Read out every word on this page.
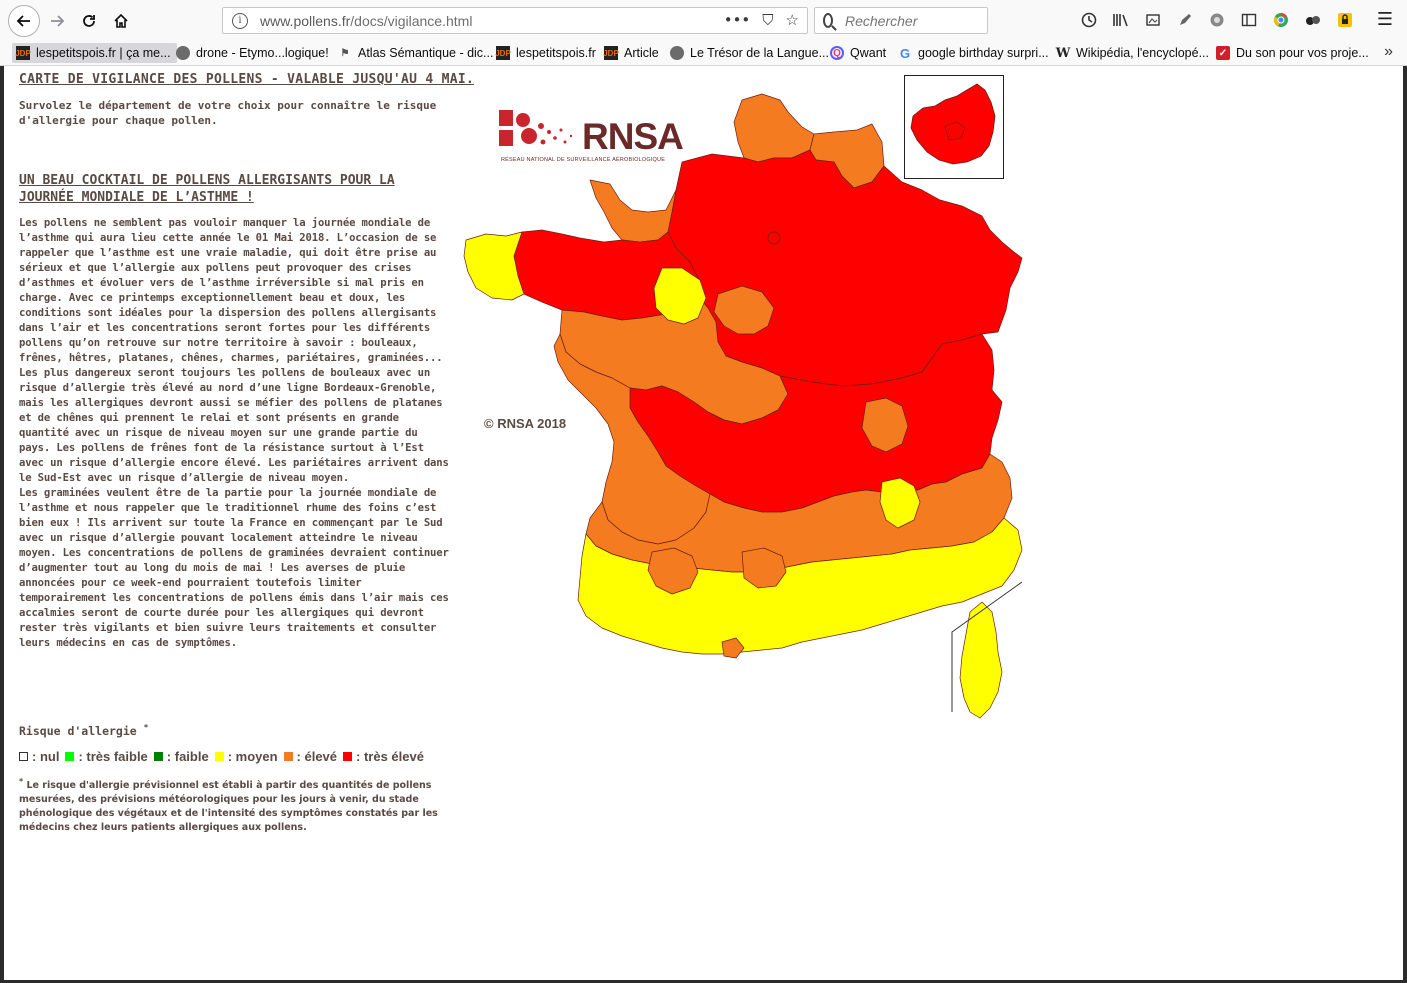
i	www.pollens.fr/docs/vigilance.html	••• ⛉ ☆
Rechercher	☰
JDP lespetitspois.fr | ça me... drone - Etymo...logique! ⚑ Atlas Sémantique - dic... JDP lespetitspois.fr JDP Article	Le Trésor de la Langue... Q Qwant G google birthday surpri... W Wikipédia, l'encyclopé... ✓ Du son pour vos proje... »
CARTE DE VIGILANCE DES POLLENS - VALABLE JUSQU'AU 4 MAI.

Survolez le département de votre choix pour connaître le risque d'allergie pour chaque pollen.

UN BEAU COCKTAIL DE POLLENS ALLERGISANTS POUR LA JOURNÉE MONDIALE DE L’ASTHME !

Les pollens ne semblent pas vouloir manquer la journée mondiale de l’asthme qui aura lieu cette année le 01 Mai 2018. L’occasion de se rappeler que l’asthme est une vraie maladie, qui doit être prise au sérieux et que l’allergie aux pollens peut provoquer des crises d’asthmes et évoluer vers de l’asthme irréversible si mal pris en charge. Avec ce printemps exceptionnellement beau et doux, les conditions sont idéales pour la dispersion des pollens allergisants dans l’air et les concentrations seront fortes pour les différents pollens qu’on retrouve sur notre territoire à savoir : bouleaux, frênes, hêtres, platanes, chênes, charmes, pariétaires, graminées...

Les plus dangereux seront toujours les pollens de bouleaux avec un risque d’allergie très élevé au nord d’une ligne Bordeaux-Grenoble, mais les allergiques devront aussi se méfier des pollens de platanes et de chênes qui prennent le relai et sont présents en grande quantité avec un risque de niveau moyen sur une grande partie du pays. Les pollens de frênes font de la résistance surtout à l’Est avec un risque d’allergie encore élevé. Les pariétaires arrivent dans le Sud-Est avec un risque d’allergie de niveau moyen.

Les graminées veulent être de la partie pour la journée mondiale de l’asthme et nous rappeler que le traditionnel rhume des foins c’est bien eux ! Ils arrivent sur toute la France en commençant par le Sud avec un risque d’allergie pouvant localement atteindre le niveau moyen. Les concentrations de pollens de graminées devraient continuer d’augmenter tout au long du mois de mai ! Les averses de pluie annoncées pour ce week-end pourraient toutefois limiter temporairement les concentrations de pollens émis dans l’air mais ces accalmies seront de courte durée pour les allergiques qui devront rester très vigilants et bien suivre leurs traitements et consulter leurs médecins en cas de symptômes.

Risque d'allergie *
: nul : très faible : faible : moyen : élevé : très élevé

* Le risque d'allergie prévisionnel est établi à partir des quantités de pollens mesurées, des prévisions météorologiques pour les jours à venir, du stade phénologique des végétaux et de l'intensité des symptômes constatés par les médecins chez leurs patients allergiques aux pollens.

RNSA
RÉSEAU NATIONAL DE SURVEILLANCE AÉROBIOLOGIQUE
© RNSA 2018
